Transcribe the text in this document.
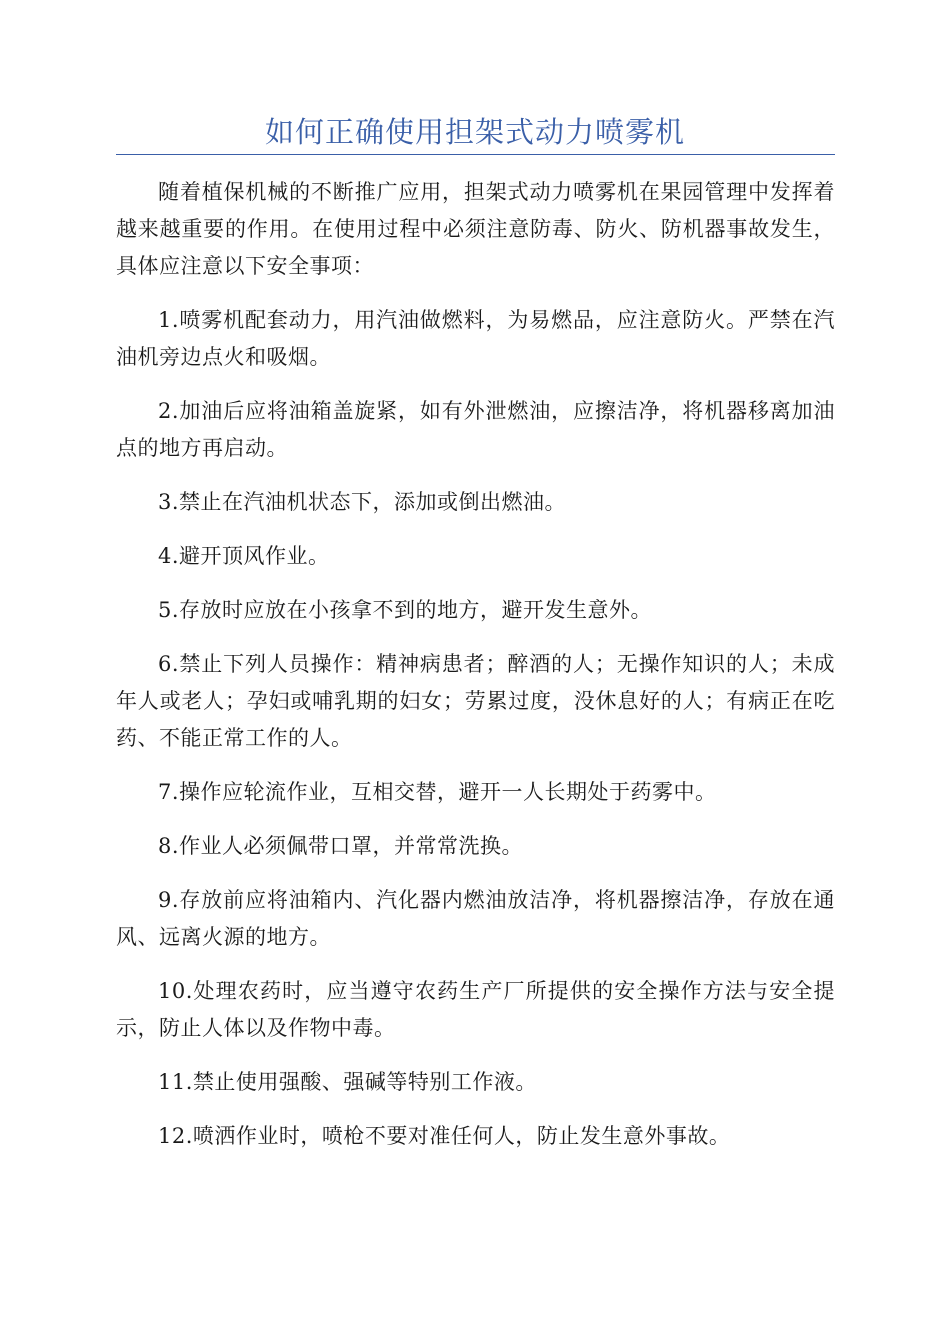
如何正确使用担架式动力喷雾机

随着植保机械的不断推广应用，担架式动力喷雾机在果园管理中发挥着越来越重要的作用。在使用过程中必须注意防毒、防火、防机器事故发生，具体应注意以下安全事项：

1.喷雾机配套动力，用汽油做燃料，为易燃品，应注意防火。严禁在汽油机旁边点火和吸烟。

2.加油后应将油箱盖旋紧，如有外泄燃油，应擦洁净，将机器移离加油点的地方再启动。

3.禁止在汽油机状态下，添加或倒出燃油。

4.避开顶风作业。

5.存放时应放在小孩拿不到的地方，避开发生意外。

6.禁止下列人员操作：精神病患者；醉酒的人；无操作知识的人；未成年人或老人；孕妇或哺乳期的妇女；劳累过度，没休息好的人；有病正在吃药、不能正常工作的人。

7.操作应轮流作业，互相交替，避开一人长期处于药雾中。

8.作业人必须佩带口罩，并常常洗换。

9.存放前应将油箱内、汽化器内燃油放洁净，将机器擦洁净，存放在通风、远离火源的地方。

10.处理农药时，应当遵守农药生产厂所提供的安全操作方法与安全提示，防止人体以及作物中毒。

11.禁止使用强酸、强碱等特别工作液。

12.喷洒作业时，喷枪不要对准任何人，防止发生意外事故。
